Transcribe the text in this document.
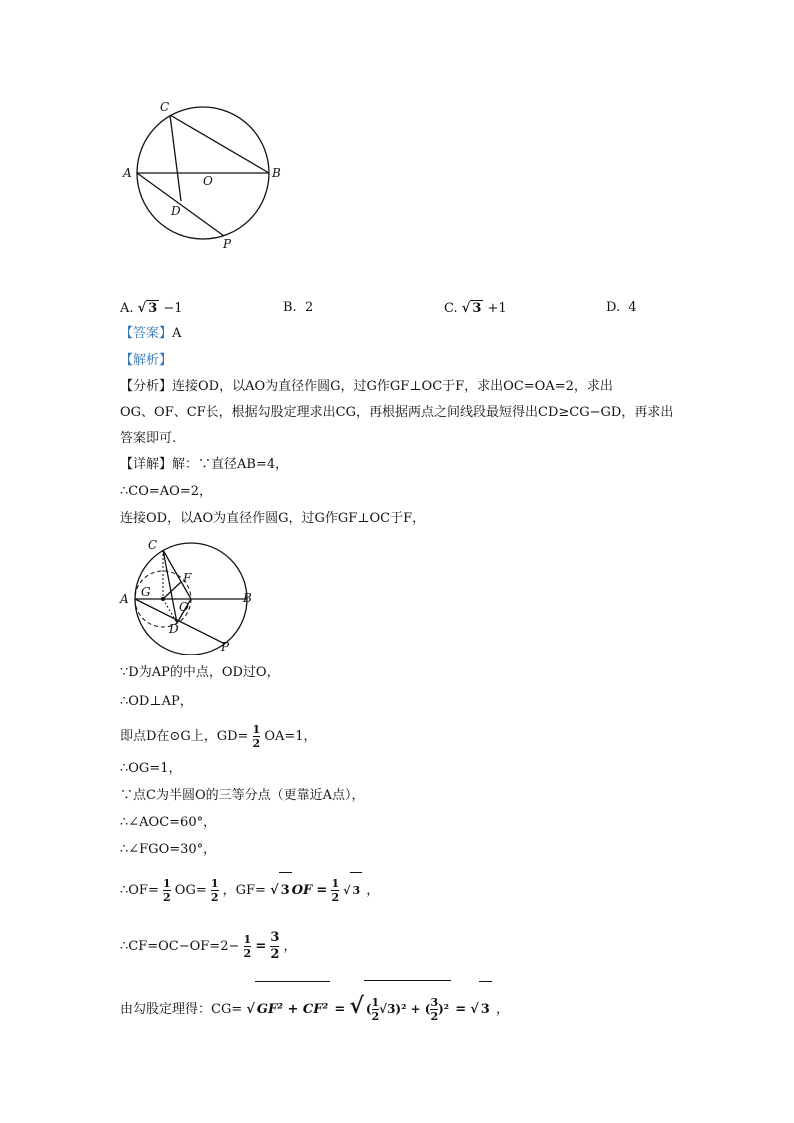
C
A
O
B
D
P
A. √ 3 −1	B. 2	C. √ 3 +1	D. 4
【答案】A
【解析】
【分析】连接OD，以AO为直径作圆G，过G作GF⊥OC于F，求出OC=OA=2，求出
OG、OF、CF长，根据勾股定理求出CG，再根据两点之间线段最短得出CD≥CG−GD，再求出
答案即可.
【详解】解：∵直径AB=4，
∴CO=AO=2，
连接OD，以AO为直径作圆G，过G作GF⊥OC于F，
C
F
A G
O
B
D
P
∵D为AP的中点，OD过O，
∴OD⊥AP，
即点D在⊙G上，$GD= \frac{1}{2} OA=1$，
∴OG=1，
∵点C为半圆O的三等分点（更靠近A点），
∴∠AOC=60°，
∴∠FGO=30°，
∴OF= $\frac{1}{2} OG= \frac{1}{2}$ ，GF= √ 3 OF = $\frac{1}{2}$ √ 3 ，
∴CF=OC−OF=2− $\frac{1}{2} = \frac{3}{2}$ ，
由勾股定理得：CG= √ GF² + CF² = √ ( $\frac{1}{2} √3)^2$ + ( $\frac{3}{2} )^2$ = √ 3 ，
